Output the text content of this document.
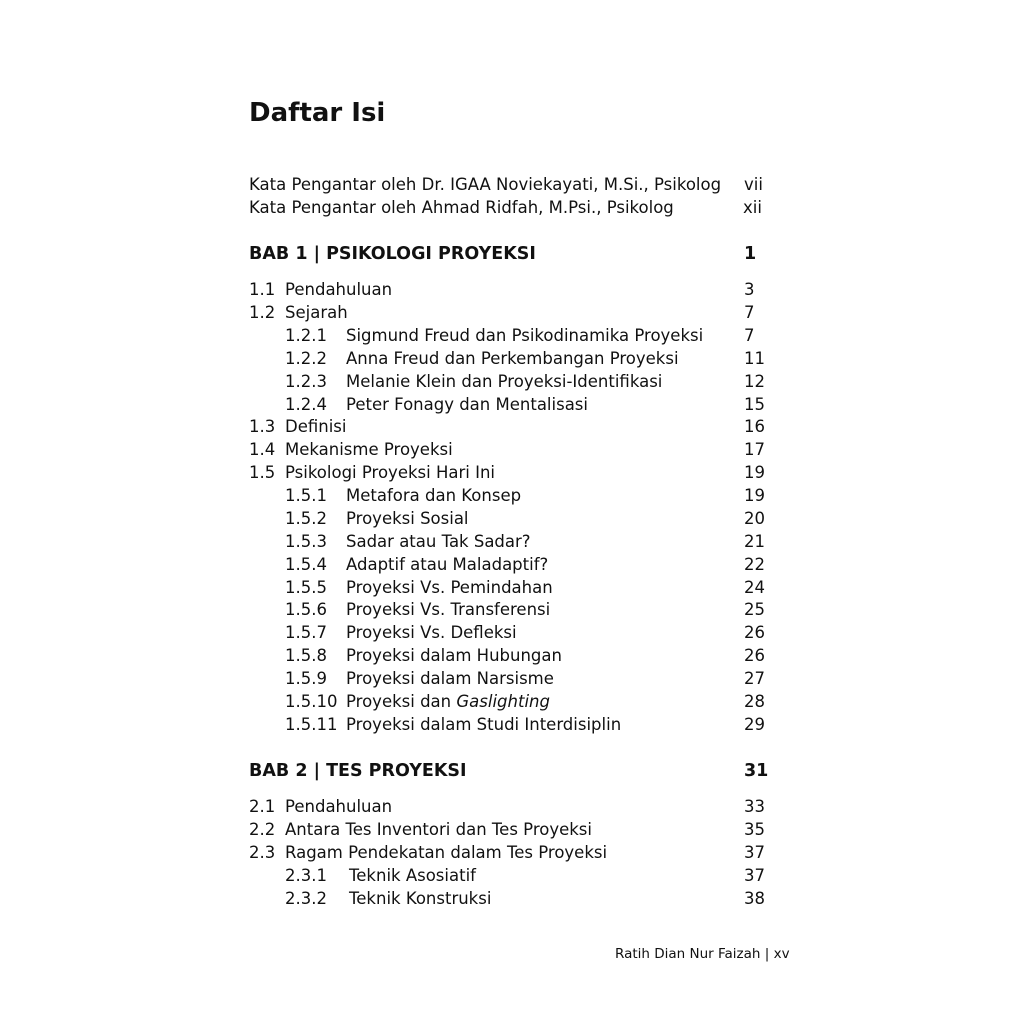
Daftar Isi
Kata Pengantar oleh Dr. IGAA Noviekayati, M.Si., Psikolog vii
Kata Pengantar oleh Ahmad Ridfah, M.Psi., Psikolog	xii
BAB 1 | PSIKOLOGI PROYEKSI	1
1.1 Pendahuluan	3
1.2 Sejarah	7
1.2.1 Sigmund Freud dan Psikodinamika Proyeksi 7
1.2.2 Anna Freud dan Perkembangan Proyeksi	11
1.2.3 Melanie Klein dan Proyeksi-Identifikasi	12
1.2.4 Peter Fonagy dan Mentalisasi	15
1.3 Definisi	16
1.4 Mekanisme Proyeksi	17
1.5 Psikologi Proyeksi Hari Ini	19
1.5.1 Metafora dan Konsep	19
1.5.2 Proyeksi Sosial	20
1.5.3 Sadar atau Tak Sadar?	21
1.5.4 Adaptif atau Maladaptif?	22
1.5.5 Proyeksi Vs. Pemindahan	24
1.5.6 Proyeksi Vs. Transferensi	25
1.5.7 Proyeksi Vs. Defleksi	26
1.5.8 Proyeksi dalam Hubungan	26
1.5.9 Proyeksi dalam Narsisme	27
1.5.10 Proyeksi dan Gaslighting	28
1.5.11 Proyeksi dalam Studi Interdisiplin	29
BAB 2 | TES PROYEKSI	31
2.1 Pendahuluan	33
2.2 Antara Tes Inventori dan Tes Proyeksi	35
2.3 Ragam Pendekatan dalam Tes Proyeksi	37
2.3.1 Teknik Asosiatif	37
2.3.2 Teknik Konstruksi	38
Ratih Dian Nur Faizah | xv
